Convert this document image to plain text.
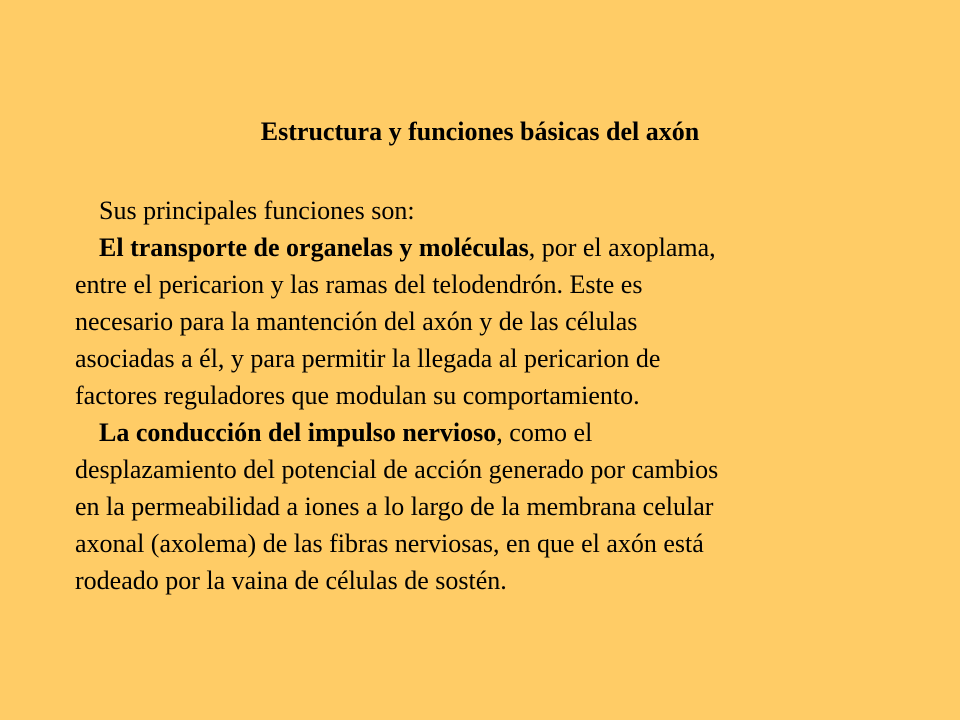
Estructura y funciones básicas del axón
Sus principales funciones son:
El transporte de organelas y moléculas, por el axoplama,
entre el pericarion y las ramas del telodendrón. Este es
necesario para la mantención del axón y de las células
asociadas a él, y para permitir la llegada al pericarion de
factores reguladores que modulan su comportamiento.
La conducción del impulso nervioso, como el
desplazamiento del potencial de acción generado por cambios
en la permeabilidad a iones a lo largo de la membrana celular
axonal (axolema) de las fibras nerviosas, en que el axón está
rodeado por la vaina de células de sostén.
